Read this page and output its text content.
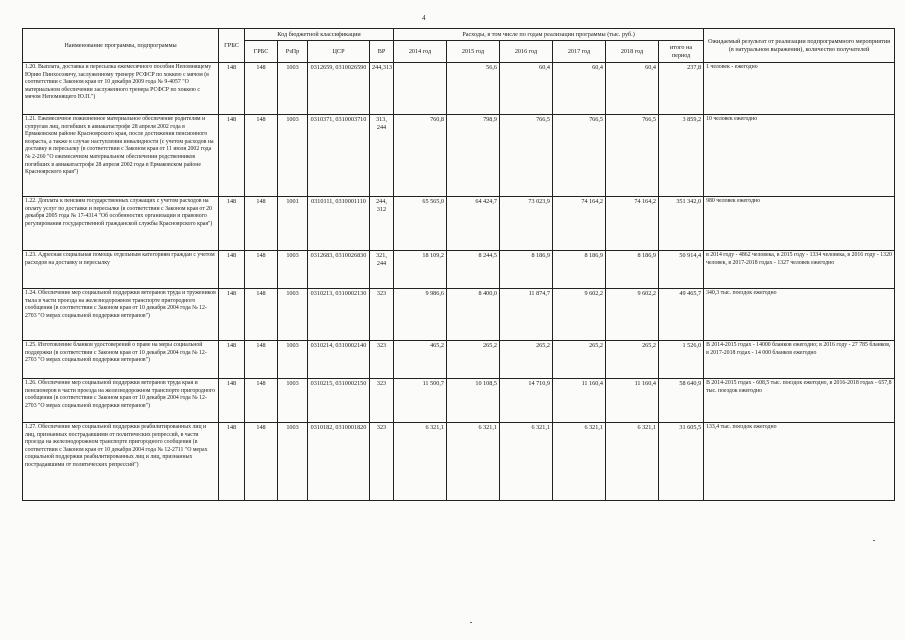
4
Наименование программы, подпрограммы	ГРБС	Код бюджетной классификации				Расходы, в том числе по годам реализации программы (тыс. руб.)						Ожидаемый результат от реализации подпрограммного мероприятия (в натуральном выражении), количество получателей
		ГРБС	РзПр	ЦСР	ВР	2014 год	2015 год	2016 год	2017 год	2018 год	итого на период	
1.20. Выплата, доставка и пересылка ежемесячного пособия Непомнящему Юрию Пинхосовичу, заслуженному тренеру РСФСР по хоккею с мячом (в соответствии с Законом края от 10 декабря 2009 года № 9-4057 "О материальном обеспечении заслуженного тренера РСФСР по хоккею с мячом Непомнящего Ю.П.")	148	148	1003	0312659, 0310026590	244,313		56,6	60,4	60,4	60,4	237,8	1 человек - ежегодно
1.21. Ежемесячное пожизненное материальное обеспечение родителям и супругам лиц, погибших в авиакатастрофе 28 апреля 2002 года в Ермаковском районе Красноярского края, после достижения пенсионного возраста, а также в случае наступления инвалидности (с учетом расходов на доставку и пересылку (в соответствии с Законом края от 11 июля 2002 года № 2-260 "О ежемесячном материальном обеспечении родственников погибших в авиакатастрофе 28 апреля 2002 года в Ермаковском районе Красноярского края")	148	148	1003	0310371, 0310003710	313, 244	760,8	798,9	766,5	766,5	766,5	3 859,2	10 человек ежегодно
1.22. Доплата к пенсиям государственных служащих с учетом расходов на оплату услуг по доставке и пересылке (в соответствии с Законом края от 20 декабря 2005 года № 17-4314 "Об особенностях организации и правового регулирования государственной гражданской службы Красноярского края")	148	148	1001	0310111, 0310001110	244, 312	65 565,0	64 424,7	73 023,9	74 164,2	74 164,2	351 342,0	980 человек ежегодно
1.23. Адресная социальная помощь отдельным категориям граждан с учетом расходов на доставку и пересылку	148	148	1003	0312683, 0310026830	321, 244	18 109,2	8 244,5	8 186,9	8 186,9	8 186,9	50 914,4	в 2014 году - 4862 человека, в 2015 году - 1334 человека, в 2016 году - 1320 человек, в 2017-2018 годах - 1327 человек ежегодно
1.24. Обеспечение мер социальной поддержки ветеранов труда и тружеников тыла в части проезда на железнодорожном транспорте пригородного сообщения (в соответствии с Законом края от 10 декабря 2004 года № 12-2703 "О мерах социальной поддержки ветеранов")	148	148	1003	0310213, 0310002130	323	9 986,6	8 400,0	11 874,7	9 602,2	9 602,2	49 465,7	340,3 тыс. поездок ежегодно
1.25. Изготовление бланков удостоверений о праве на меры социальной поддержки (в соответствии с Законом края от 10 декабря 2004 года № 12-2703 "О мерах социальной поддержки ветеранов")	148	148	1003	0310214, 0310002140	323	465,2	265,2	265,2	265,2	265,2	1 526,0	В 2014-2015 годах - 14000 бланков ежегодно; в 2016 году - 27 785 бланков, в 2017-2018 годах - 14 000 бланков ежегодно
1.26. Обеспечение мер социальной поддержки ветеранов труда края и пенсионеров в части проезда на железнодорожном транспорте пригородного сообщения (в соответствии с Законом края от 10 декабря 2004 года № 12-2703 "О мерах социальной поддержки ветеранов")	148	148	1003	0310215, 0310002150	323	11 500,7	10 108,5	14 710,9	11 160,4	11 160,4	58 640,9	В 2014-2015 годах - 608,5 тыс. поездок ежегодно, в 2016-2018 годах - 657,8 тыс. поездок ежегодно
1.27. Обеспечение мер социальной поддержки реабилитированных лиц и лиц, признанных пострадавшими от политических репрессий, в части проезда на железнодорожном транспорте пригородного сообщения (в соответствии с Законом края от 10 декабря 2004 года № 12-2711 "О мерах социальной поддержки реабилитированных лиц и лиц, признанных пострадавшими от политических репрессий")	148	148	1003	0310182, 0310001820	323	6 321,1	6 321,1	6 321,1	6 321,1	6 321,1	31 605,5	133,4 тыс. поездок ежегодно
